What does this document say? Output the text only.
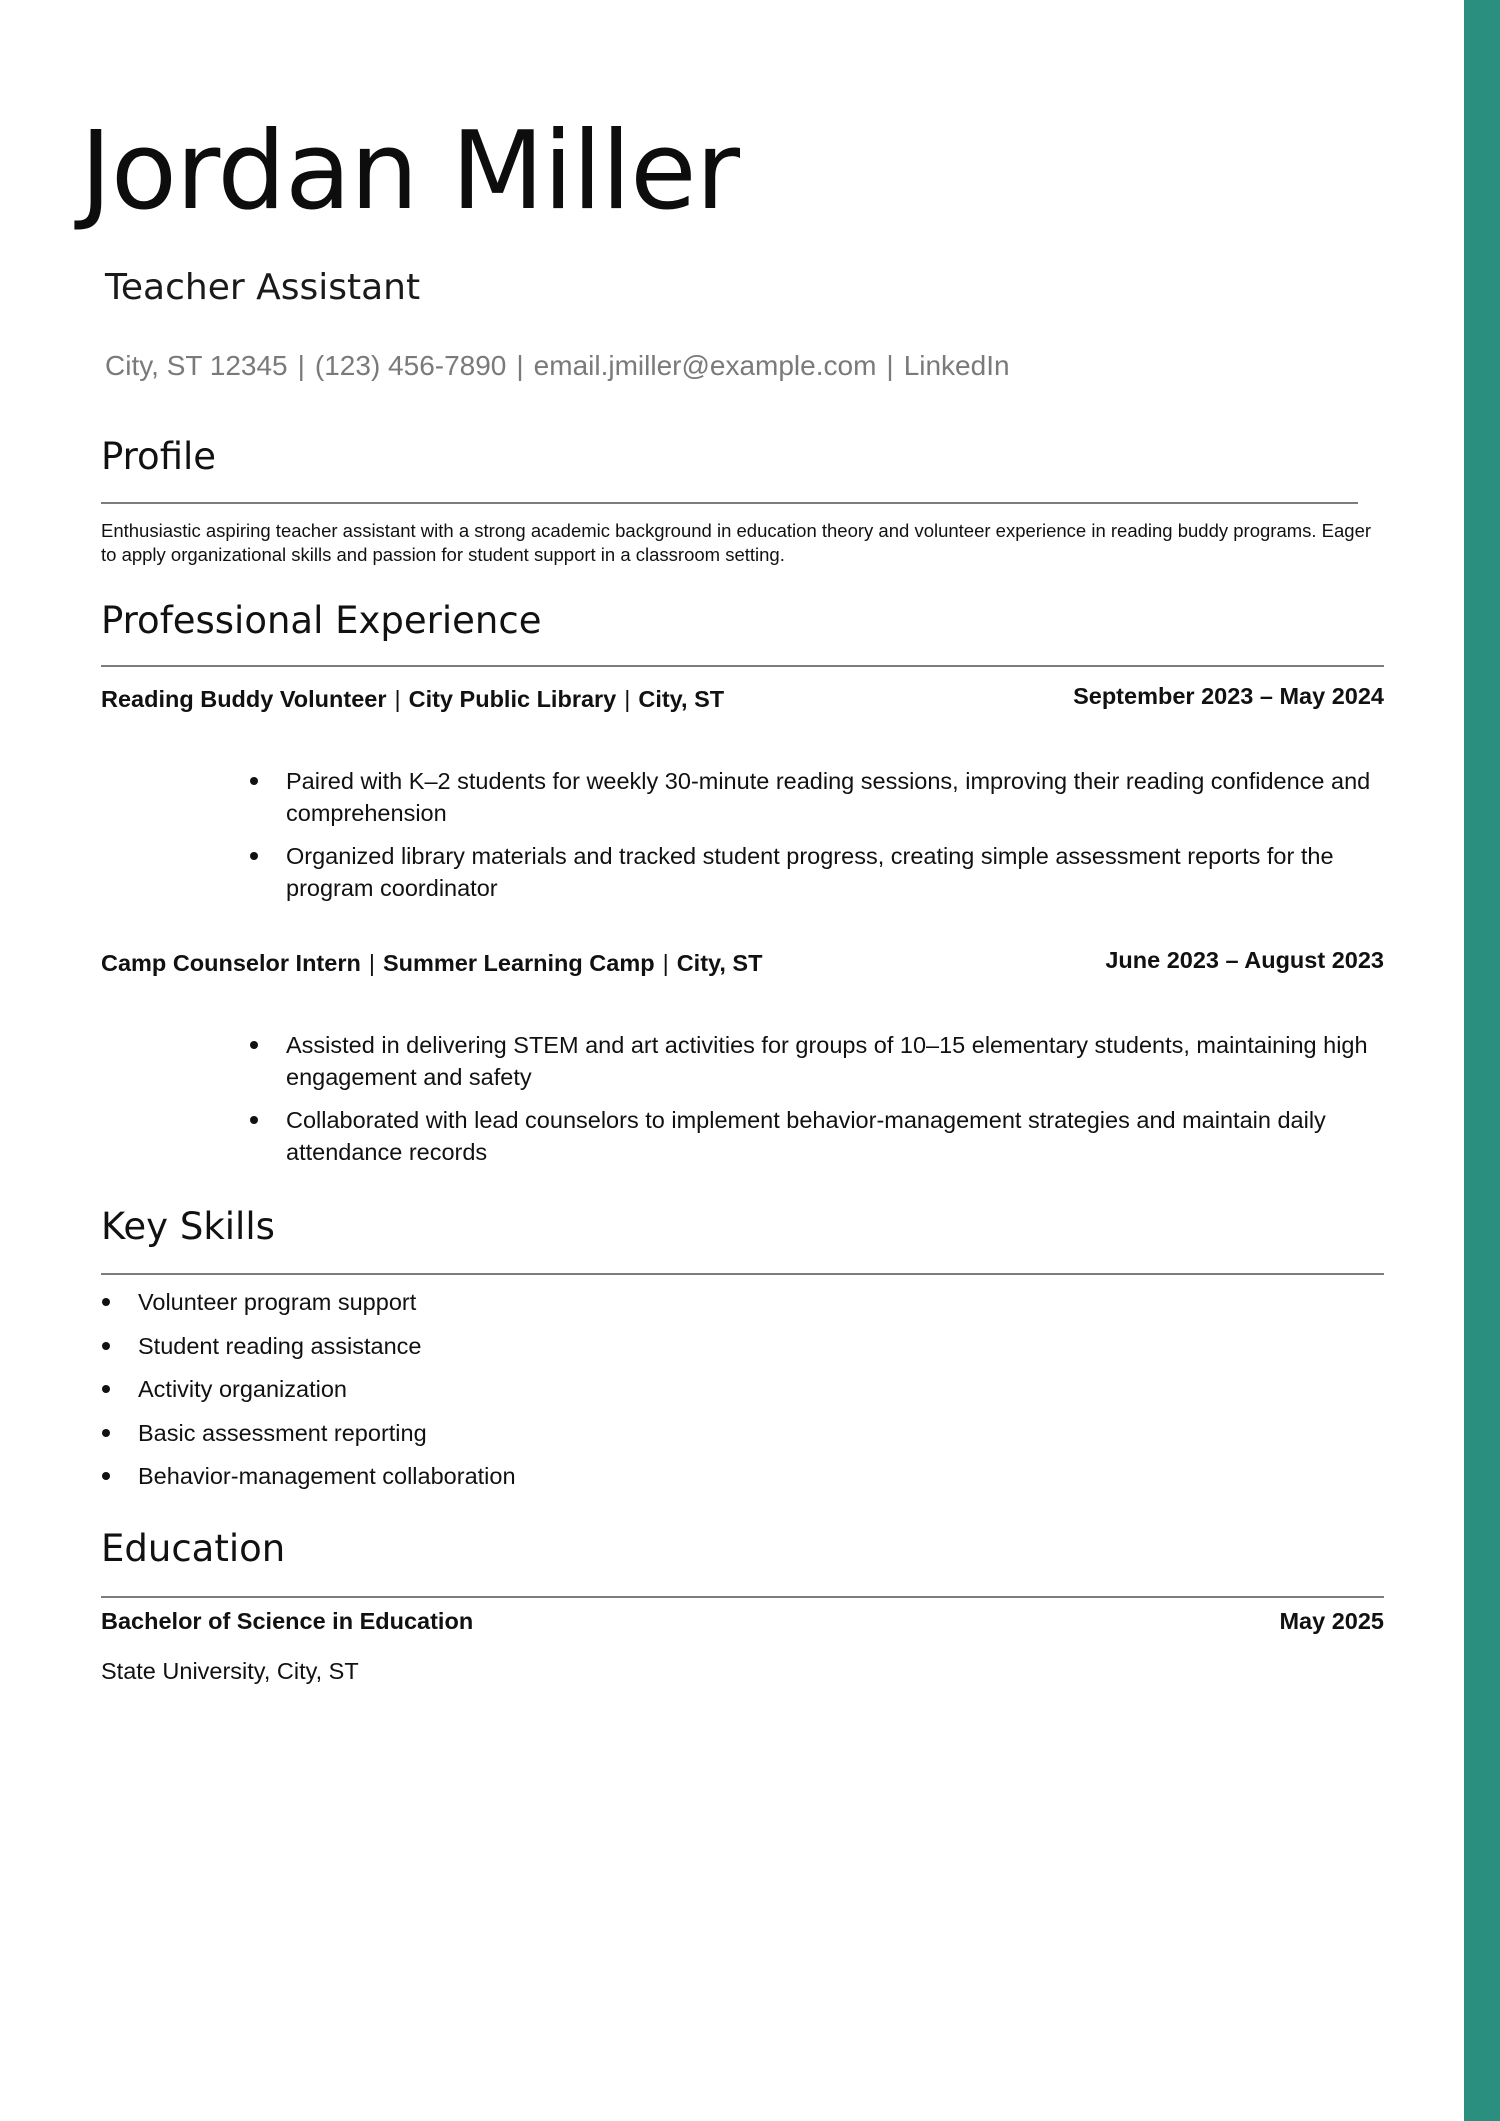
Jordan Miller
Teacher Assistant
City, ST 12345 | (123) 456-7890 | email.jmiller@example.com | LinkedIn
Profile
Enthusiastic aspiring teacher assistant with a strong academic background in education theory and volunteer experience in reading buddy programs. Eager to apply organizational skills and passion for student support in a classroom setting.
Professional Experience
Reading Buddy Volunteer | City Public Library | City, ST	September 2023 – May 2024
Paired with K–2 students for weekly 30-minute reading sessions, improving their reading confidence and comprehension
Organized library materials and tracked student progress, creating simple assessment reports for the program coordinator
Camp Counselor Intern | Summer Learning Camp | City, ST	June 2023 – August 2023
Assisted in delivering STEM and art activities for groups of 10–15 elementary students, maintaining high engagement and safety
Collaborated with lead counselors to implement behavior-management strategies and maintain daily attendance records
Key Skills
Volunteer program support
Student reading assistance
Activity organization
Basic assessment reporting
Behavior-management collaboration
Education
Bachelor of Science in Education	May 2025
State University, City, ST
